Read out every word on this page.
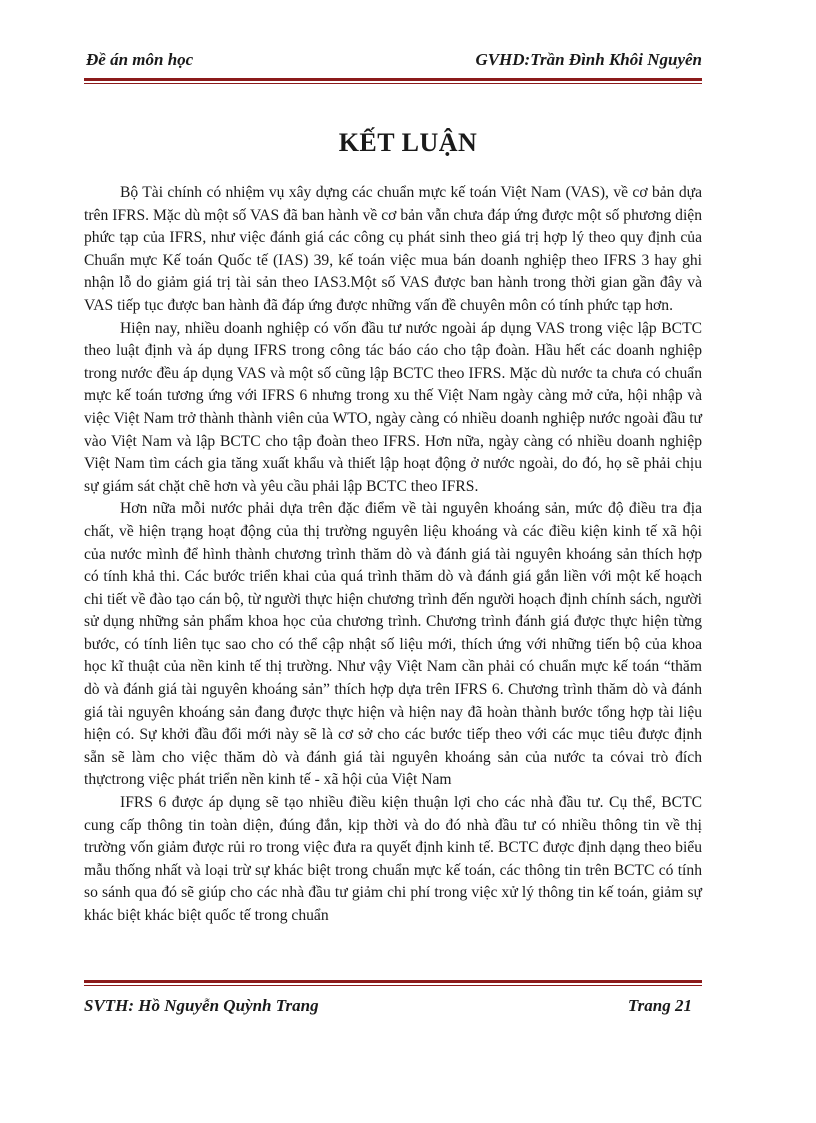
Đề án môn học	GVHD:Trần Đình Khôi Nguyên
KẾT LUẬN

Bộ Tài chính có nhiệm vụ xây dựng các chuẩn mực kế toán Việt Nam (VAS), về cơ bản dựa trên IFRS. Mặc dù một số VAS đã ban hành về cơ bản vẫn chưa đáp ứng được một số phương diện phức tạp của IFRS, như việc đánh giá các công cụ phát sinh theo giá trị hợp lý theo quy định của Chuẩn mực Kế toán Quốc tế (IAS) 39, kế toán việc mua bán doanh nghiệp theo IFRS 3 hay ghi nhận lỗ do giảm giá trị tài sản theo IAS3.Một số VAS được ban hành trong thời gian gần đây và VAS tiếp tục được ban hành đã đáp ứng được những vấn đề chuyên môn có tính phức tạp hơn.

Hiện nay, nhiều doanh nghiệp có vốn đầu tư nước ngoài áp dụng VAS trong việc lập BCTC theo luật định và áp dụng IFRS trong công tác báo cáo cho tập đoàn. Hầu hết các doanh nghiệp trong nước đều áp dụng VAS và một số cũng lập BCTC theo IFRS. Mặc dù nước ta chưa có chuẩn mực kế toán tương ứng với IFRS 6 nhưng trong xu thế Việt Nam ngày càng mở cửa, hội nhập và việc Việt Nam trở thành thành viên của WTO, ngày càng có nhiều doanh nghiệp nước ngoài đầu tư vào Việt Nam và lập BCTC cho tập đoàn theo IFRS. Hơn nữa, ngày càng có nhiều doanh nghiệp Việt Nam tìm cách gia tăng xuất khẩu và thiết lập hoạt động ở nước ngoài, do đó, họ sẽ phải chịu sự giám sát chặt chẽ hơn và yêu cầu phải lập BCTC theo IFRS.

Hơn nữa mỗi nước phải dựa trên đặc điểm về tài nguyên khoáng sản, mức độ điều tra địa chất, về hiện trạng hoạt động của thị trường nguyên liệu khoáng và các điều kiện kinh tế xã hội của nước mình để hình thành chương trình thăm dò và đánh giá tài nguyên khoáng sản thích hợp có tính khả thi. Các bước triển khai của quá trình thăm dò và đánh giá gắn liền với một kế hoạch chi tiết về đào tạo cán bộ, từ người thực hiện chương trình đến người hoạch định chính sách, người sử dụng những sản phẩm khoa học của chương trình. Chương trình đánh giá được thực hiện từng bước, có tính liên tục sao cho có thể cập nhật số liệu mới, thích ứng với những tiến bộ của khoa học kĩ thuật của nền kinh tế thị trường. Như vậy Việt Nam cần phải có chuẩn mực kế toán “thăm dò và đánh giá tài nguyên khoáng sản” thích hợp dựa trên IFRS 6. Chương trình thăm dò và đánh giá tài nguyên khoáng sản đang được thực hiện và hiện nay đã hoàn thành bước tổng hợp tài liệu hiện có. Sự khởi đầu đổi mới này sẽ là cơ sở cho các bước tiếp theo với các mục tiêu được định sẵn sẽ làm cho việc thăm dò và đánh giá tài nguyên khoáng sản của nước ta cóvai trò đích thựctrong việc phát triển nền kinh tế - xã hội của Việt Nam

IFRS 6 được áp dụng sẽ tạo nhiều điều kiện thuận lợi cho các nhà đầu tư. Cụ thể, BCTC cung cấp thông tin toàn diện, đúng đắn, kịp thời và do đó nhà đầu tư có nhiều thông tin về thị trường vốn giảm được rủi ro trong việc đưa ra quyết định kinh tế. BCTC được định dạng theo biểu mẫu thống nhất và loại trừ sự khác biệt trong chuẩn mực kế toán, các thông tin trên BCTC có tính so sánh qua đó sẽ giúp cho các nhà đầu tư giảm chi phí trong việc xử lý thông tin kế toán, giảm sự khác biệt khác biệt quốc tế trong chuẩn

SVTH: Hồ Nguyễn Quỳnh Trang	Trang 21
